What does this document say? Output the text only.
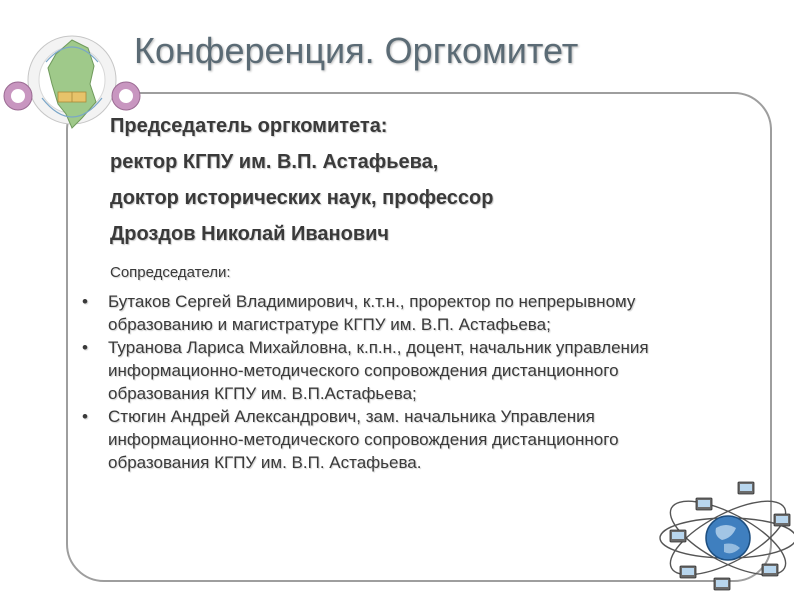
Конференция. Оргкомитет
Председатель оргкомитета:
ректор КГПУ им. В.П. Астафьева,
доктор исторических наук, профессор
Дроздов Николай Иванович
Сопредседатели:
• Бутаков Сергей Владимирович, к.т.н., проректор по непрерывному образованию и магистратуре КГПУ им. В.П. Астафьева;
• Туранова Лариса Михайловна, к.п.н., доцент, начальник управления информационно-методического сопровождения дистанционного образования КГПУ им. В.П.Астафьева;
• Стюгин Андрей Александрович, зам. начальника Управления информационно-методического сопровождения дистанционного образования КГПУ им. В.П. Астафьева.
